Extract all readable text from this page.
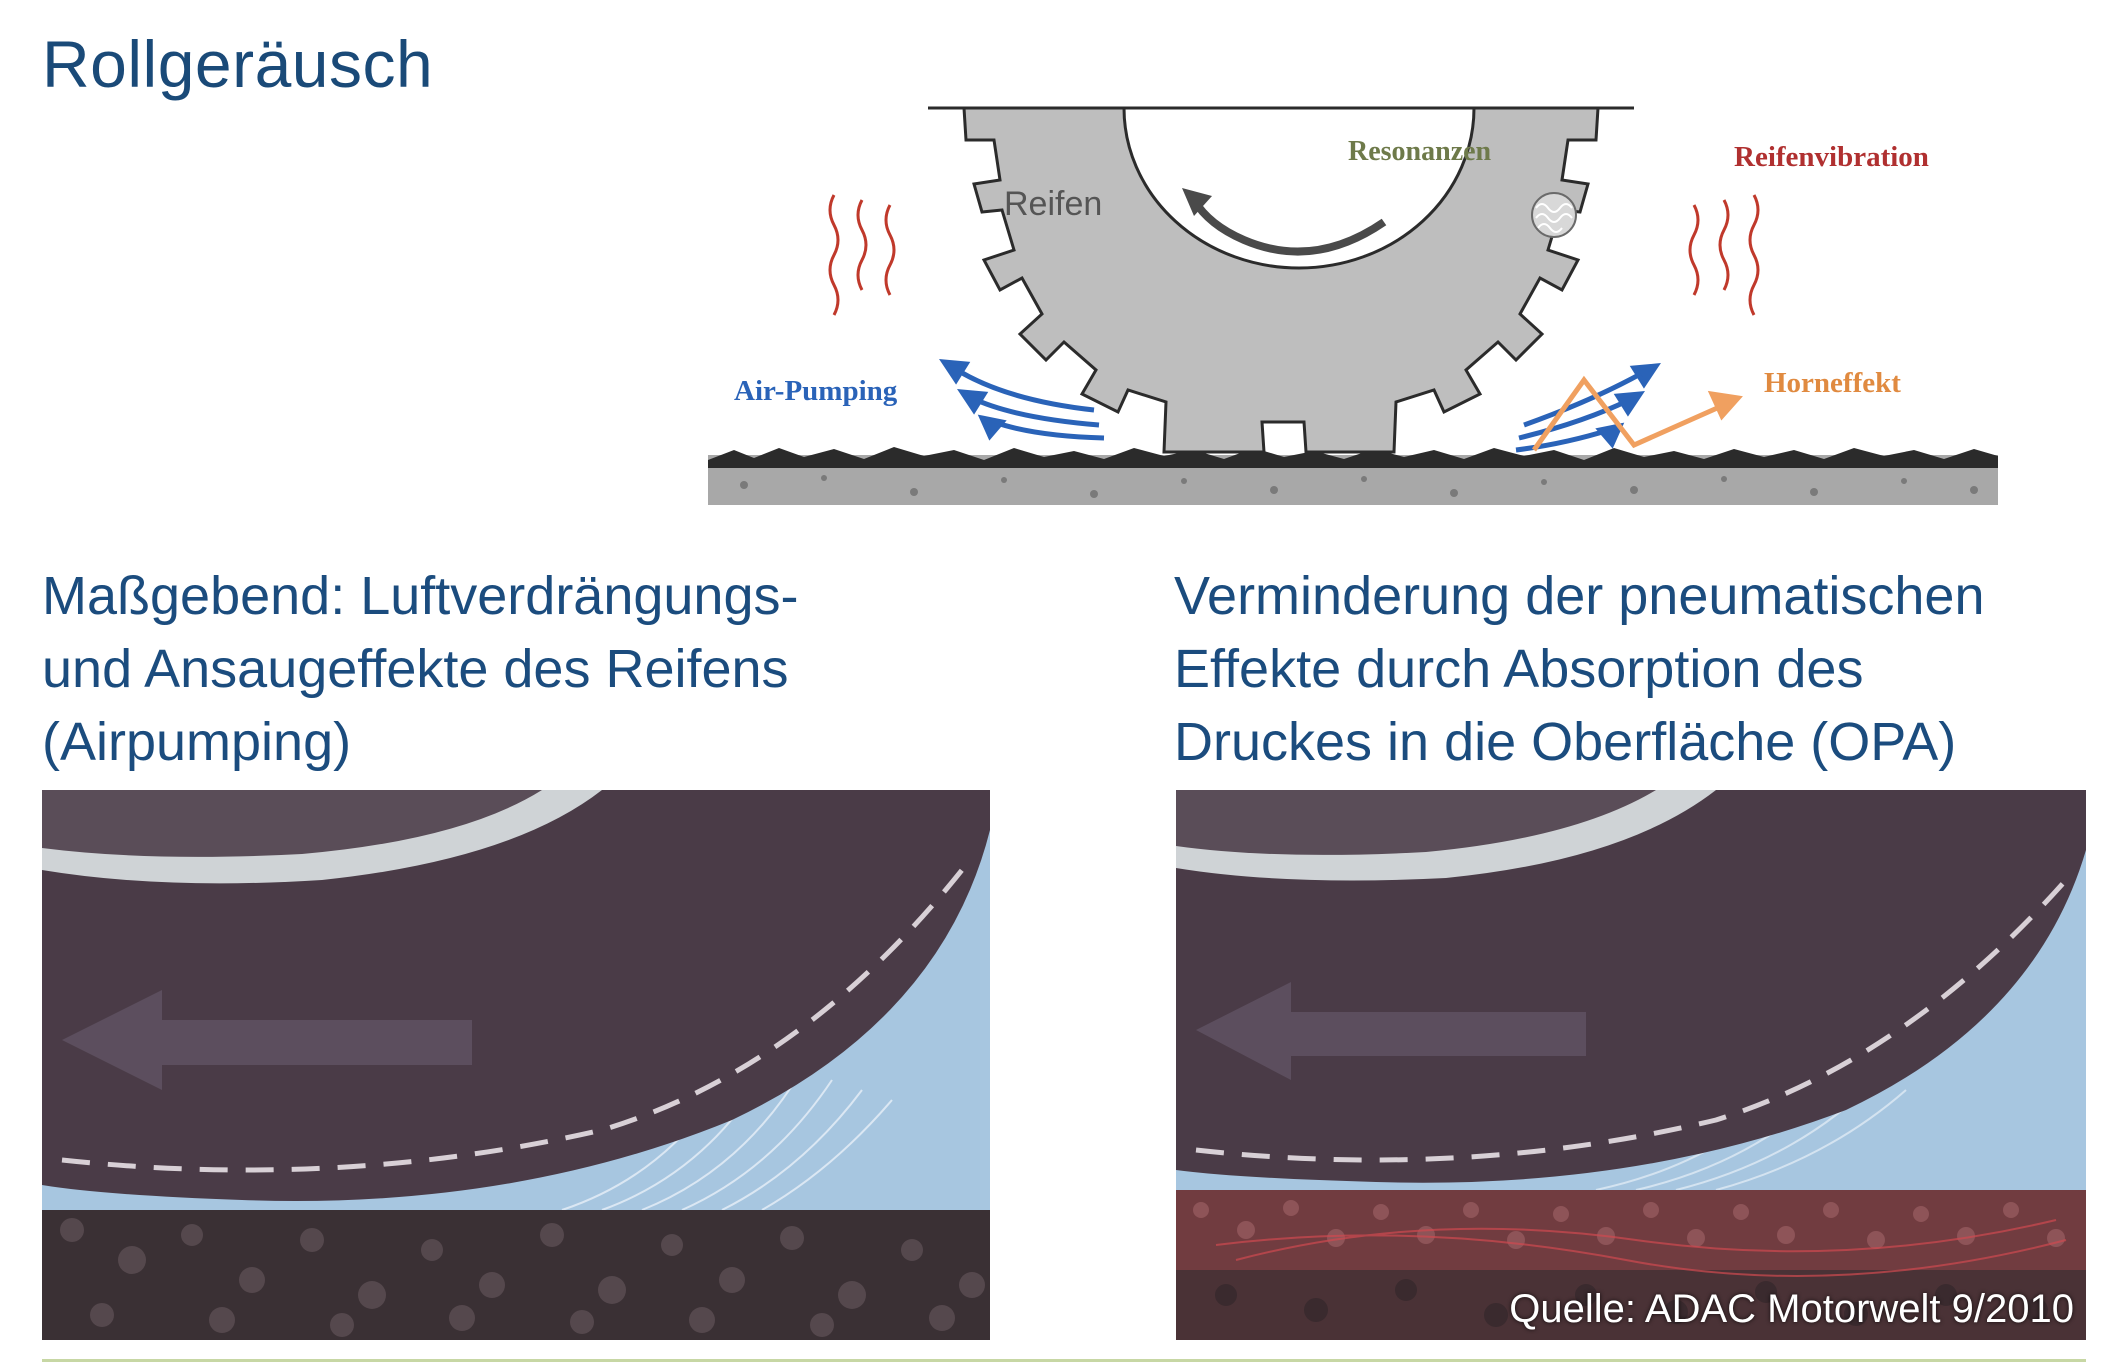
Rollgeräusch
Reifen
Resonanzen	Reifenvibration
Air-Pumping	Horneffekt
Maßgebend: Luftverdrängungs-
und Ansaugeffekte des Reifens
(Airpumping)
Verminderung der pneumatischen
Effekte durch Absorption des
Druckes in die Oberfläche (OPA)
Quelle: ADAC Motorwelt 9/2010
